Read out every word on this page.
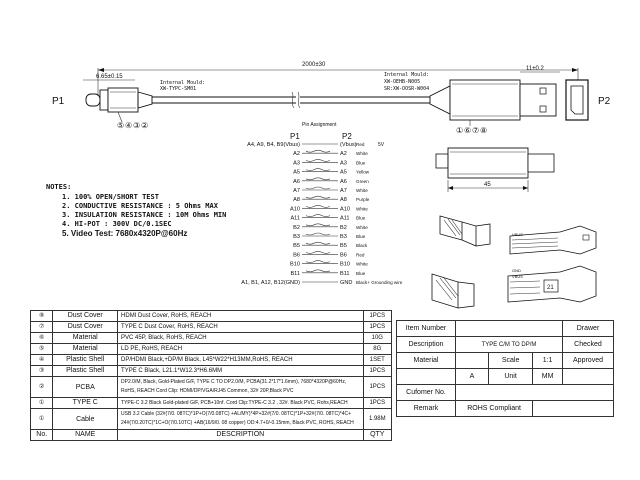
P1	P2
2000±30
6.65±0.15
11±0.2
Internal Mould:
XW-TYPC-SM01
Internal Mould:
XW-OEHB-N005
SR:XW-OOSR-W004
⑤ ④ ③ ②
① ⑥ ⑦ ⑧
45
Pin Assignment
P1	P2
A4, A9, B4, B9(Vbus)	(Vbus) Red	5V
A2	A2 White
A3	A3 Blue
A5	A5 Yellow
A6	A6 Green
A7	A7 White
A8	A8 Purple
A10	A10 White
A11	A11 Blue
B2	B2 White
B3	B3 Blue
B5	B5 Black
B6	B6 Red
B10	B10 White
B11	B11 Blue
A1, B1, A12, B12(GND)	GND Black+ Grounding wire
NOTES:
1. 100% OPEN/SHORT TEST
2. CONDUCTIVE RESISTANCE : 5 Ohms MAX
3. INSULATION RESISTANCE : 10M Ohms MIN
4. HI-POT : 300V DC/0.1SEC
5. Video Test: 7680x4320P@60Hz
21
VBUS
GND
VBUS
⑧	Dust Cover	HDMI Dust Cover, RoHS, REACH	1PCS
⑦	Dust Cover	TYPE C Dust Cover, RoHS, REACH	1PCS
⑥	Material	PVC 45P, Black, RoHS, REACH	10G
⑤	Material	LD PE, RoHS, REACH	8G
④	Plastic Shell	DP/HDMI Black,+DP/M Black, L45*W22*H13MM,RoHS, REACH	1SET
③	Plastic Shell	TYPE C Black, L21.1*W12.3*H6.6MM	1PCS
②	PCBA	DP2.0/M, Black, Gold-Plated G/F, TYPE C TO DP2.0/M, PCBA(31.2*17*1.6mm), 7680*4320P@60Hz, RoHS, REACH Cord Clip: HDMI/DP/VGA/RJ45 Common, 32# 20P,Black PVC	1PCS
①	TYPE C	TYPE-C 3.2 Black Gold-plated G/F, PCB+10nf. Cord Clip:TYPE-C 3.2 , 32#. Black PVC, Rohs,REACH	1PCS
①	Cable	USB 3.2 Cable (32#(7/0. 08TC)*1P+O(7/0.08TC) +AL/MY)*4P+32#(7/0. 08TC)*1P+32#(7/0. 08TC)*4C+ 24#(7/0.20TC)*1C+O(7/0.10TC) +AB(16/9/0. 08 copper) OD:4.7+0/-0.15mm, Black PVC, ROHS, REACH	1.98M
No.	NAME	DESCRIPTION	QTY
Item Number				Drawer
Description	TYPE C/M TO DP/M			Checked
Material		Scale	1:1	Approved
	A	Unit	MM	
Cufomer No.				
Remark	ROHS Compliant			
